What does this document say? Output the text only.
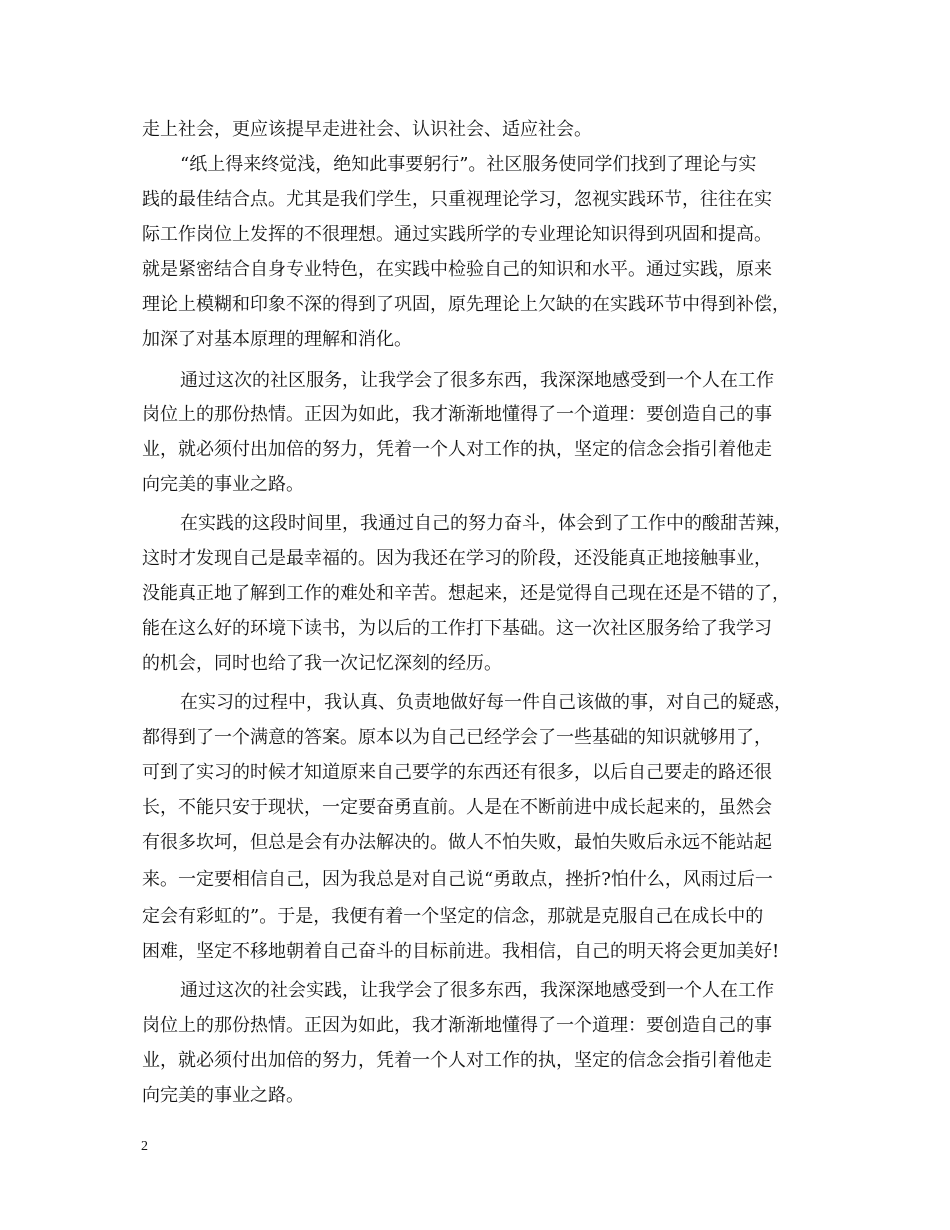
走上社会，更应该提早走进社会、认识社会、适应社会。
“纸上得来终觉浅，绝知此事要躬行”。社区服务使同学们找到了理论与实
践的最佳结合点。尤其是我们学生，只重视理论学习，忽视实践环节，往往在实
际工作岗位上发挥的不很理想。通过实践所学的专业理论知识得到巩固和提高。
就是紧密结合自身专业特色，在实践中检验自己的知识和水平。通过实践，原来
理论上模糊和印象不深的得到了巩固，原先理论上欠缺的在实践环节中得到补偿，
加深了对基本原理的理解和消化。
通过这次的社区服务，让我学会了很多东西，我深深地感受到一个人在工作
岗位上的那份热情。正因为如此，我才渐渐地懂得了一个道理：要创造自己的事
业，就必须付出加倍的努力，凭着一个人对工作的执，坚定的信念会指引着他走
向完美的事业之路。
在实践的这段时间里，我通过自己的努力奋斗，体会到了工作中的酸甜苦辣，
这时才发现自己是最幸福的。因为我还在学习的阶段，还没能真正地接触事业，
没能真正地了解到工作的难处和辛苦。想起来，还是觉得自己现在还是不错的了，
能在这么好的环境下读书，为以后的工作打下基础。这一次社区服务给了我学习
的机会，同时也给了我一次记忆深刻的经历。
在实习的过程中，我认真、负责地做好每一件自己该做的事，对自己的疑惑，
都得到了一个满意的答案。原本以为自己已经学会了一些基础的知识就够用了，
可到了实习的时候才知道原来自己要学的东西还有很多，以后自己要走的路还很
长，不能只安于现状，一定要奋勇直前。人是在不断前进中成长起来的，虽然会
有很多坎坷，但总是会有办法解决的。做人不怕失败，最怕失败后永远不能站起
来。一定要相信自己，因为我总是对自己说“勇敢点，挫折?怕什么，风雨过后一
定会有彩虹的”。于是，我便有着一个坚定的信念，那就是克服自己在成长中的
困难，坚定不移地朝着自己奋斗的目标前进。我相信，自己的明天将会更加美好!
通过这次的社会实践，让我学会了很多东西，我深深地感受到一个人在工作
岗位上的那份热情。正因为如此，我才渐渐地懂得了一个道理：要创造自己的事
业，就必须付出加倍的努力，凭着一个人对工作的执，坚定的信念会指引着他走
向完美的事业之路。
2
